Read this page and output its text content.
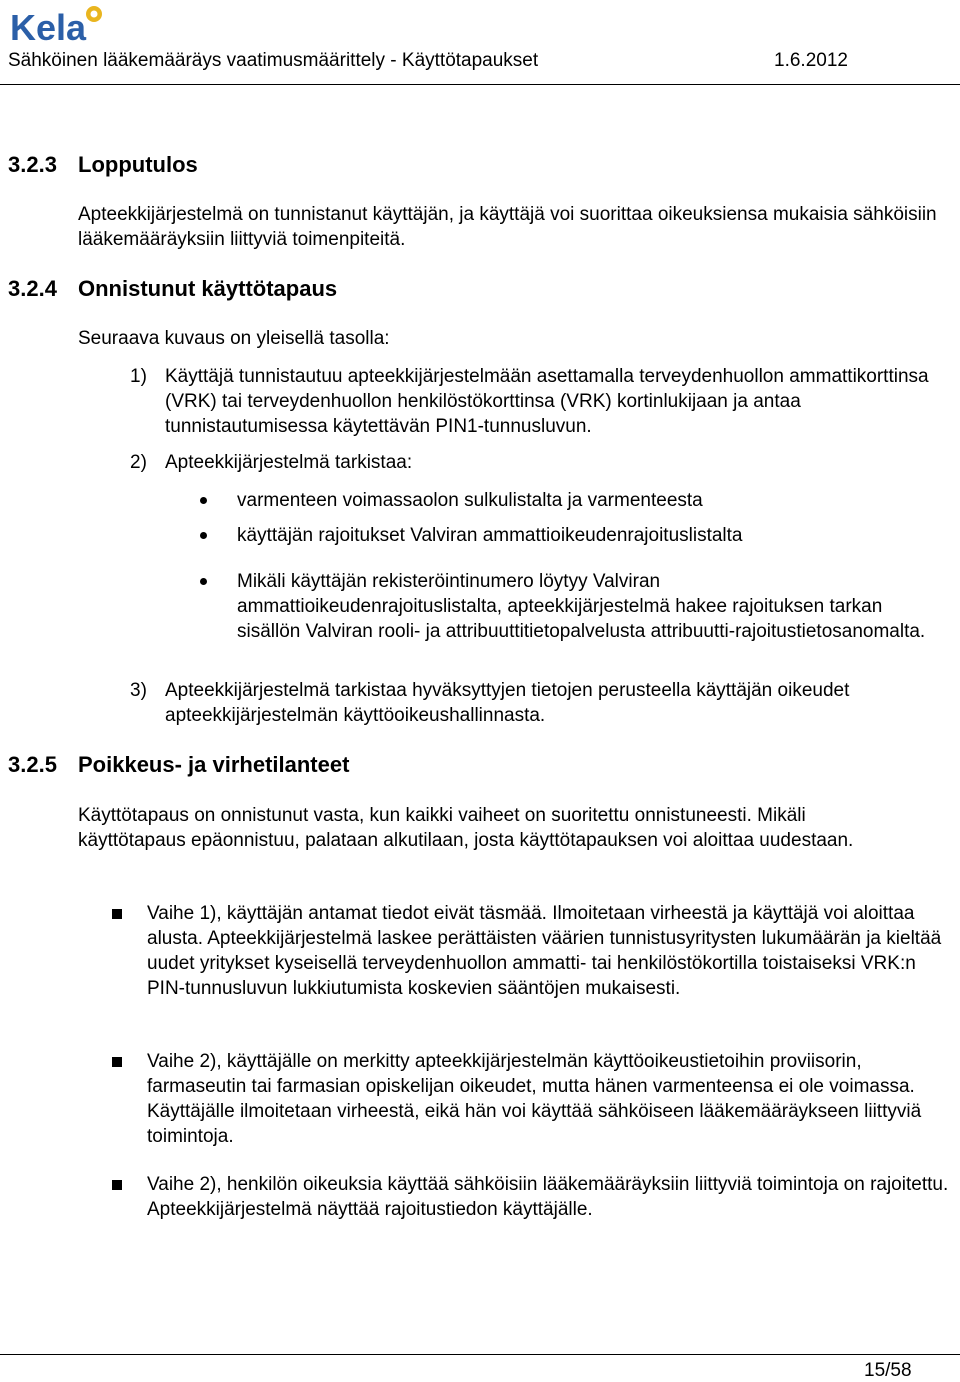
Kela
Sähköinen lääkemääräys vaatimusmäärittely - Käyttötapaukset	1.6.2012
3.2.3 Lopputulos
Apteekkijärjestelmä on tunnistanut käyttäjän, ja käyttäjä voi suorittaa oikeuksiensa mukaisia sähköisiin lääkemääräyksiin liittyviä toimenpiteitä.
3.2.4 Onnistunut käyttötapaus
Seuraava kuvaus on yleisellä tasolla:
1) Käyttäjä tunnistautuu apteekkijärjestelmään asettamalla terveydenhuollon ammattikorttinsa (VRK) tai terveydenhuollon henkilöstökorttinsa (VRK) kortinlukijaan ja antaa tunnistautumisessa käytettävän PIN1-tunnusluvun.
2) Apteekkijärjestelmä tarkistaa:
varmenteen voimassaolon sulkulistalta ja varmenteesta
käyttäjän rajoitukset Valviran ammattioikeudenrajoituslistalta
Mikäli käyttäjän rekisteröintinumero löytyy Valviran ammattioikeudenrajoituslistalta, apteekkijärjestelmä hakee rajoituksen tarkan sisällön Valviran rooli- ja attribuuttitietopalvelusta attribuutti-rajoitustietosanomalta.
3) Apteekkijärjestelmä tarkistaa hyväksyttyjen tietojen perusteella käyttäjän oikeudet apteekkijärjestelmän käyttöoikeushallinnasta.
3.2.5 Poikkeus- ja virhetilanteet
Käyttötapaus on onnistunut vasta, kun kaikki vaiheet on suoritettu onnistuneesti. Mikäli käyttötapaus epäonnistuu, palataan alkutilaan, josta käyttötapauksen voi aloittaa uudestaan.
Vaihe 1), käyttäjän antamat tiedot eivät täsmää. Ilmoitetaan virheestä ja käyttäjä voi aloittaa alusta. Apteekkijärjestelmä laskee perättäisten väärien tunnistusyritysten lukumäärän ja kieltää uudet yritykset kyseisellä terveydenhuollon ammatti- tai henkilöstökortilla toistaiseksi VRK:n PIN-tunnusluvun lukkiutumista koskevien sääntöjen mukaisesti.
Vaihe 2), käyttäjälle on merkitty apteekkijärjestelmän käyttöoikeustietoihin proviisorin, farmaseutin tai farmasian opiskelijan oikeudet, mutta hänen varmenteensa ei ole voimassa. Käyttäjälle ilmoitetaan virheestä, eikä hän voi käyttää sähköiseen lääkemääräykseen liittyviä toimintoja.
Vaihe 2), henkilön oikeuksia käyttää sähköisiin lääkemääräyksiin liittyviä toimintoja on rajoitettu. Apteekkijärjestelmä näyttää rajoitustiedon käyttäjälle.
15/58
